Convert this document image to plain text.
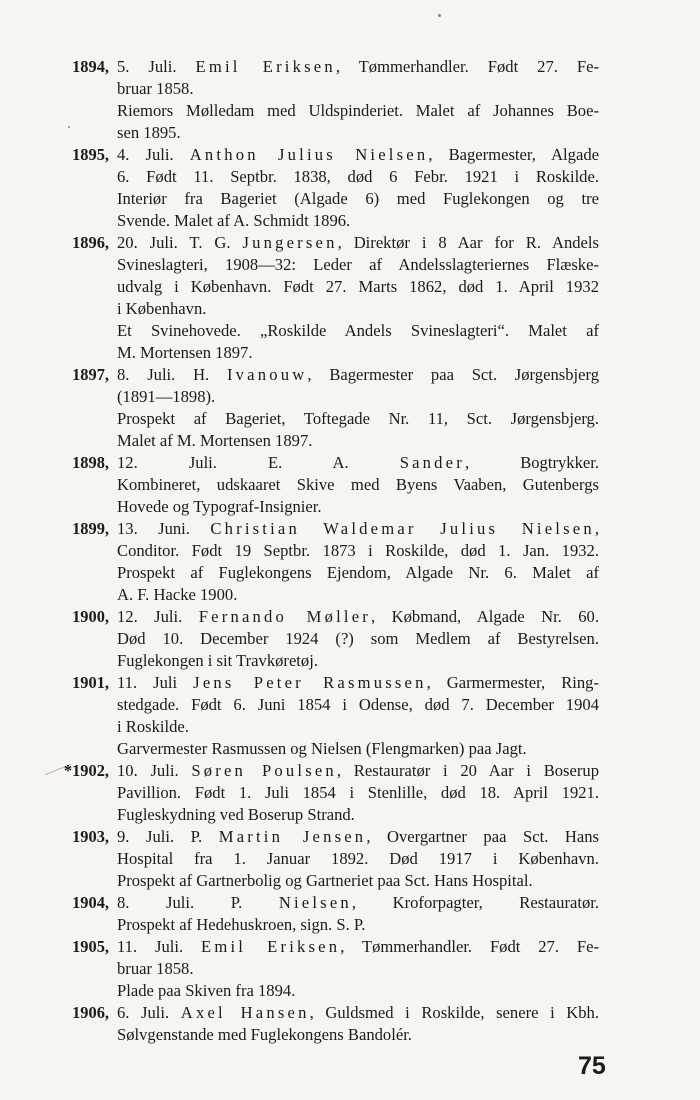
1894, 5. Juli. Emil Eriksen, Tømmerhandler. Født 27. Fe-
bruar 1858.
Riemors Mølledam med Uldspinderiet. Malet af Johannes Boe-
sen 1895.
1895, 4. Juli. Anthon Julius Nielsen, Bagermester, Algade
6. Født 11. Septbr. 1838, død 6 Febr. 1921 i Roskilde.
Interiør fra Bageriet (Algade 6) med Fuglekongen og tre
Svende. Malet af A. Schmidt 1896.
1896, 20. Juli. T. G. Jungersen, Direktør i 8 Aar for R. Andels
Svineslagteri, 1908—32: Leder af Andelsslagteriernes Flæske-
udvalg i København. Født 27. Marts 1862, død 1. April 1932
i København.
Et Svinehovede. „Roskilde Andels Svineslagteri“. Malet af
M. Mortensen 1897.
1897, 8. Juli. H. Ivanouw, Bagermester paa Sct. Jørgensbjerg
(1891—1898).
Prospekt af Bageriet, Toftegade Nr. 11, Sct. Jørgensbjerg.
Malet af M. Mortensen 1897.
1898, 12. Juli. E. A. Sander, Bogtrykker.
Kombineret, udskaaret Skive med Byens Vaaben, Gutenbergs
Hovede og Typograf-Insignier.
1899, 13. Juni. Christian Waldemar Julius Nielsen,
Conditor. Født 19 Septbr. 1873 i Roskilde, død 1. Jan. 1932.
Prospekt af Fuglekongens Ejendom, Algade Nr. 6. Malet af
A. F. Hacke 1900.
1900, 12. Juli. Fernando Møller, Købmand, Algade Nr. 60.
Død 10. December 1924 (?) som Medlem af Bestyrelsen.
Fuglekongen i sit Travkøretøj.
1901, 11. Juli Jens Peter Rasmussen, Garmermester, Ring-
stedgade. Født 6. Juni 1854 i Odense, død 7. December 1904
i Roskilde.
Garvermester Rasmussen og Nielsen (Flengmarken) paa Jagt.
*1902, 10. Juli. Søren Poulsen, Restauratør i 20 Aar i Boserup
Pavillion. Født 1. Juli 1854 i Stenlille, død 18. April 1921.
Fugleskydning ved Boserup Strand.
1903, 9. Juli. P. Martin Jensen, Overgartner paa Sct. Hans
Hospital fra 1. Januar 1892. Død 1917 i København.
Prospekt af Gartnerbolig og Gartneriet paa Sct. Hans Hospital.
1904, 8. Juli. P. Nielsen, Kroforpagter, Restauratør.
Prospekt af Hedehuskroen, sign. S. P.
1905, 11. Juli. Emil Eriksen, Tømmerhandler. Født 27. Fe-
bruar 1858.
Plade paa Skiven fra 1894.
1906, 6. Juli. Axel Hansen, Guldsmed i Roskilde, senere i Kbh.
Sølvgenstande med Fuglekongens Bandolér.
75
